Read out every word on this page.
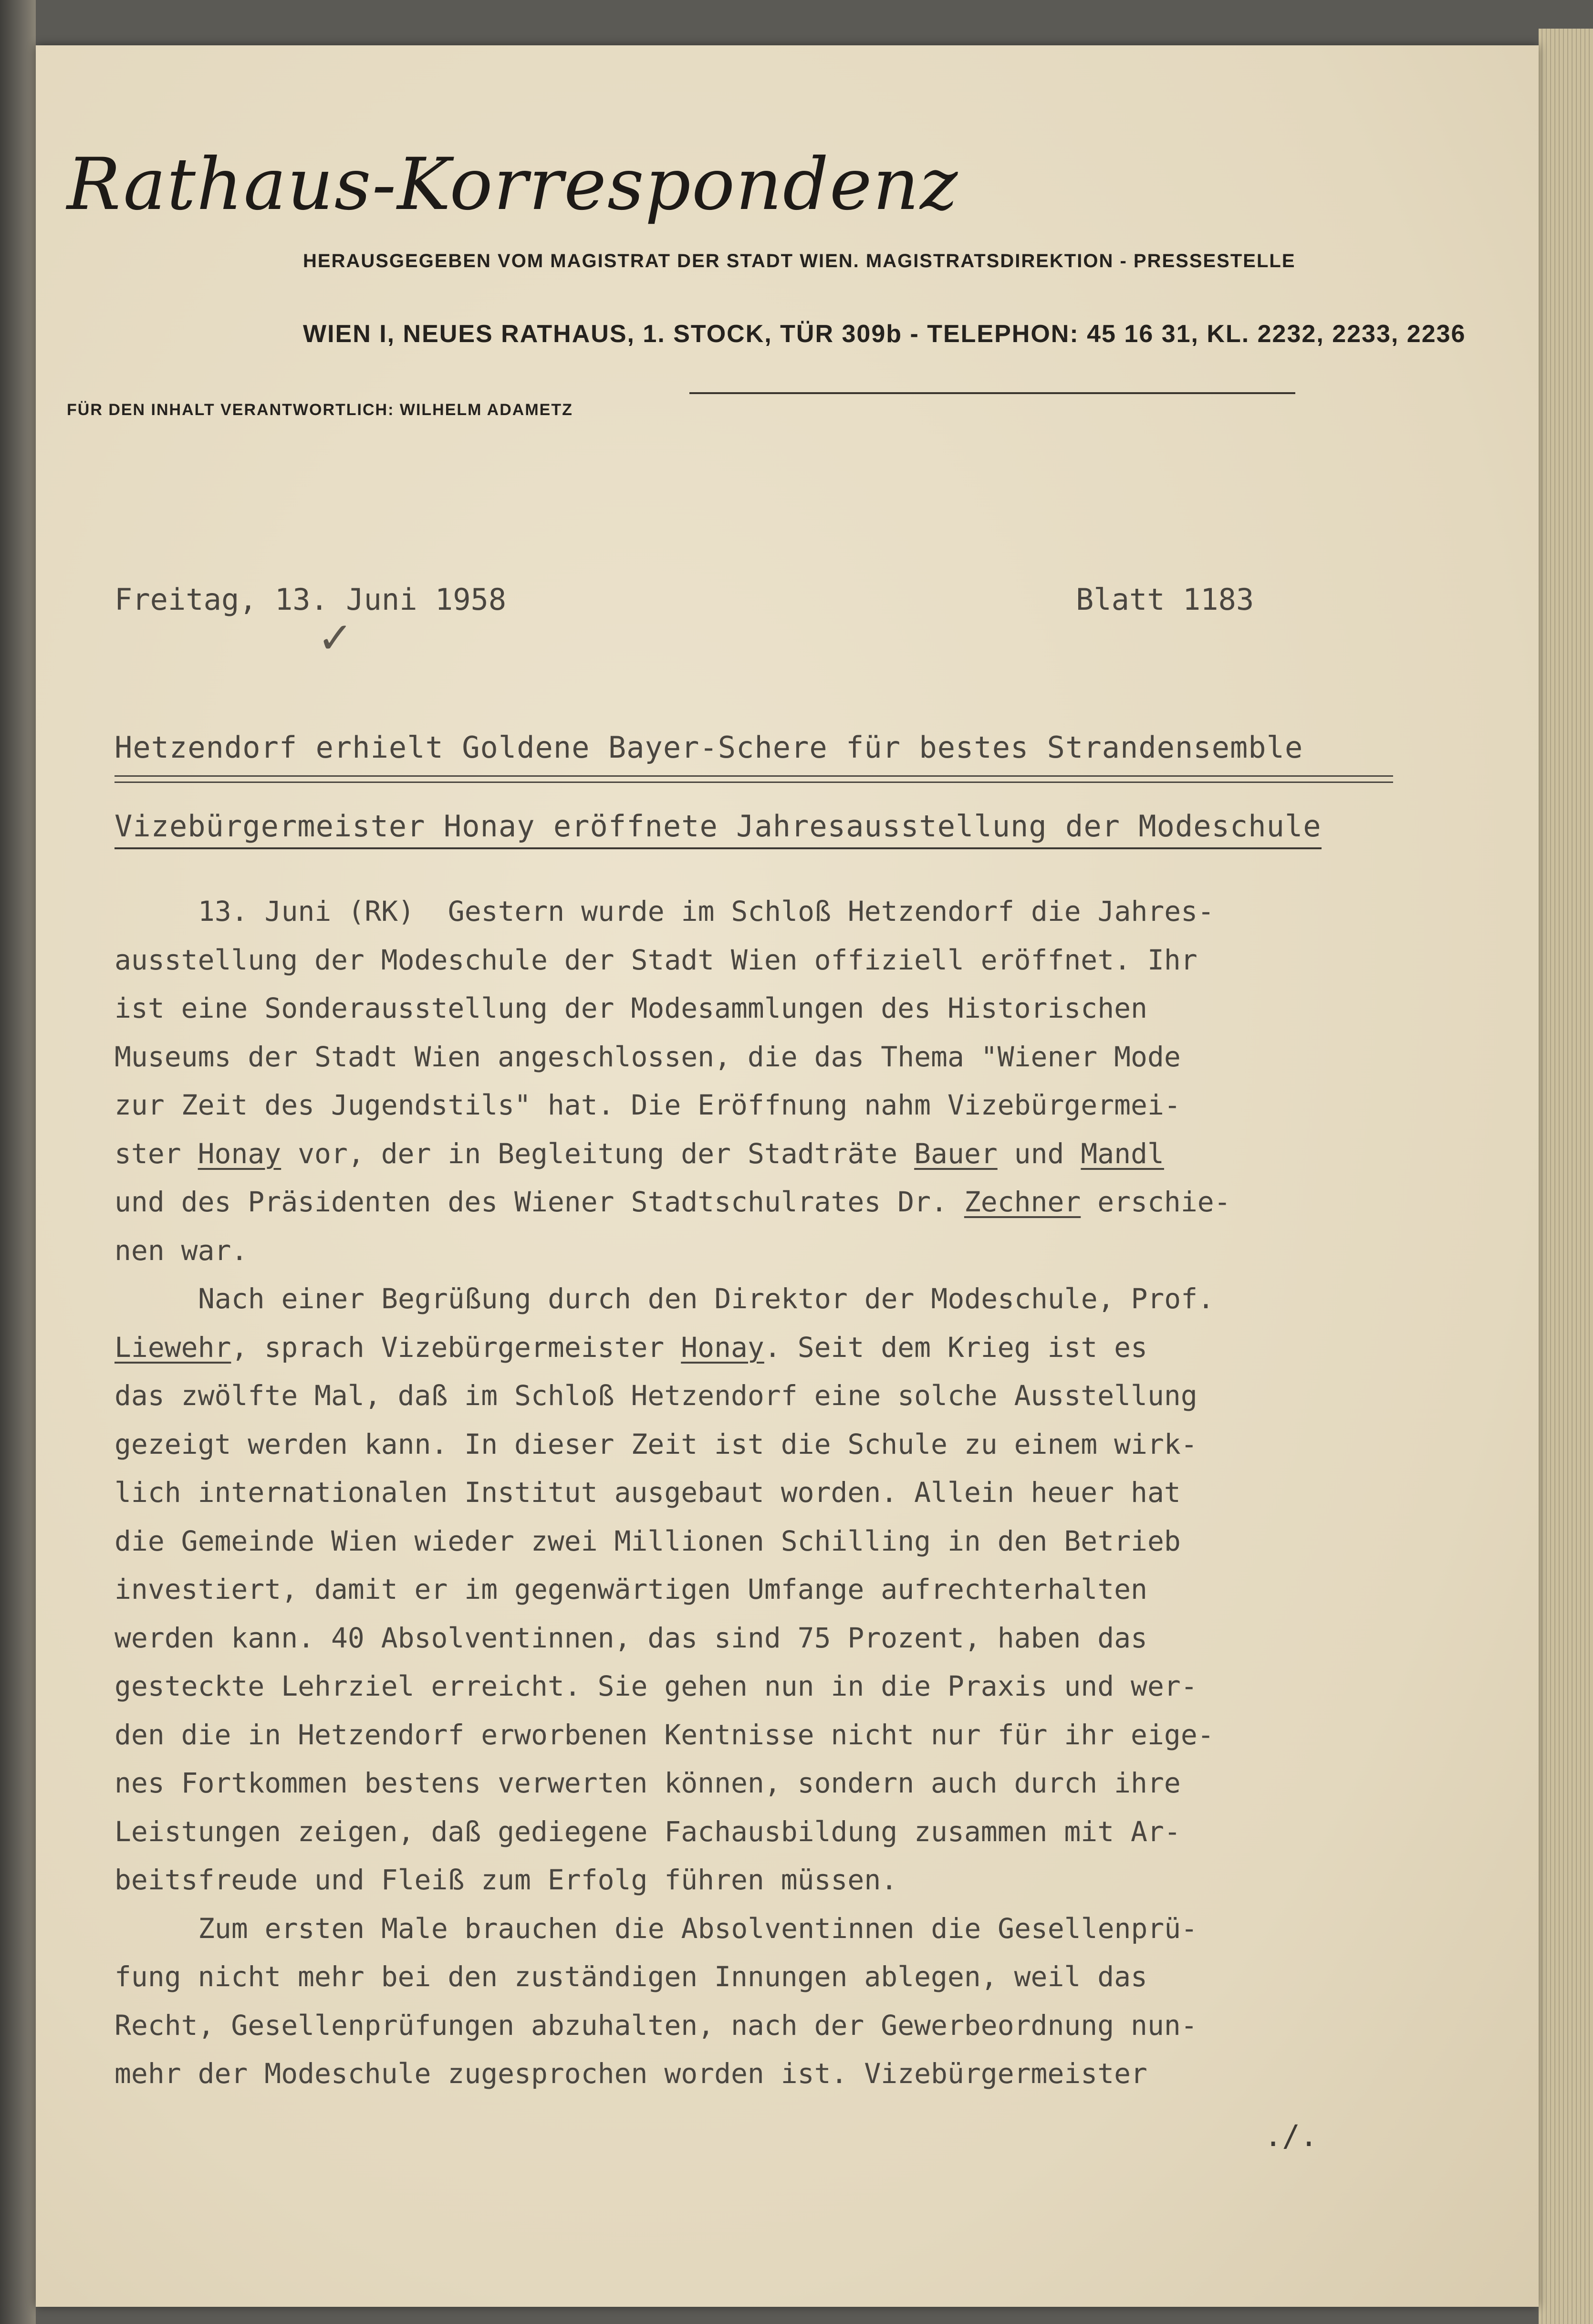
Rathaus-Korrespondenz
HERAUSGEGEBEN VOM MAGISTRAT DER STADT WIEN. MAGISTRATSDIREKTION - PRESSESTELLE
WIEN I, NEUES RATHAUS, 1. STOCK, TÜR 309b - TELEPHON: 45 16 31, KL. 2232, 2233, 2236
FÜR DEN INHALT VERANTWORTLICH: WILHELM ADAMETZ
Freitag, 13. Juni 1958	Blatt 1183
✓
Hetzendorf erhielt Goldene Bayer-Schere für bestes Strandensemble
Vizebürgermeister Honay eröffnete Jahresausstellung der Modeschule

13. Juni (RK)  Gestern wurde im Schloß Hetzendorf die Jahres-

ausstellung der Modeschule der Stadt Wien offiziell eröffnet. Ihr

ist eine Sonderausstellung der Modesammlungen des Historischen

Museums der Stadt Wien angeschlossen, die das Thema "Wiener Mode

zur Zeit des Jugendstils" hat. Die Eröffnung nahm Vizebürgermei-

ster Honay vor, der in Begleitung der Stadträte Bauer und Mandl

und des Präsidenten des Wiener Stadtschulrates Dr. Zechner erschie-

nen war.

Nach einer Begrüßung durch den Direktor der Modeschule, Prof.

Liewehr, sprach Vizebürgermeister Honay. Seit dem Krieg ist es

das zwölfte Mal, daß im Schloß Hetzendorf eine solche Ausstellung

gezeigt werden kann. In dieser Zeit ist die Schule zu einem wirk-

lich internationalen Institut ausgebaut worden. Allein heuer hat

die Gemeinde Wien wieder zwei Millionen Schilling in den Betrieb

investiert, damit er im gegenwärtigen Umfange aufrechterhalten

werden kann. 40 Absolventinnen, das sind 75 Prozent, haben das

gesteckte Lehrziel erreicht. Sie gehen nun in die Praxis und wer-

den die in Hetzendorf erworbenen Kentnisse nicht nur für ihr eige-

nes Fortkommen bestens verwerten können, sondern auch durch ihre

Leistungen zeigen, daß gediegene Fachausbildung zusammen mit Ar-

beitsfreude und Fleiß zum Erfolg führen müssen.

Zum ersten Male brauchen die Absolventinnen die Gesellenprü-

fung nicht mehr bei den zuständigen Innungen ablegen, weil das

Recht, Gesellenprüfungen abzuhalten, nach der Gewerbeordnung nun-

mehr der Modeschule zugesprochen worden ist. Vizebürgermeister

./.
